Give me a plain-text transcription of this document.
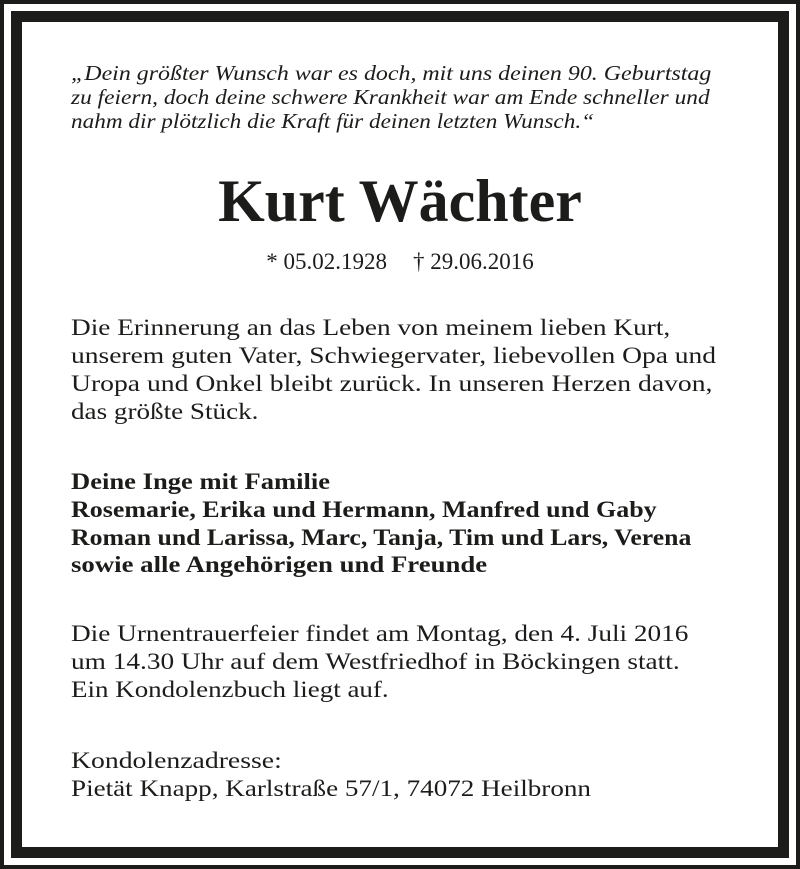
„Dein größter Wunsch war es doch, mit uns deinen 90. Geburtstag
zu feiern, doch deine schwere Krankheit war am Ende schneller und
nahm dir plötzlich die Kraft für deinen letzten Wunsch.“
Kurt Wächter
* 05.02.1928 † 29.06.2016
Die Erinnerung an das Leben von meinem lieben Kurt,
unserem guten Vater, Schwiegervater, liebevollen Opa und
Uropa und Onkel bleibt zurück. In unseren Herzen davon,
das größte Stück.
Deine Inge mit Familie
Rosemarie, Erika und Hermann, Manfred und Gaby
Roman und Larissa, Marc, Tanja, Tim und Lars, Verena
sowie alle Angehörigen und Freunde
Die Urnentrauerfeier findet am Montag, den 4. Juli 2016
um 14.30 Uhr auf dem Westfriedhof in Böckingen statt.
Ein Kondolenzbuch liegt auf.
Kondolenzadresse:
Pietät Knapp, Karlstraße 57/1, 74072 Heilbronn
